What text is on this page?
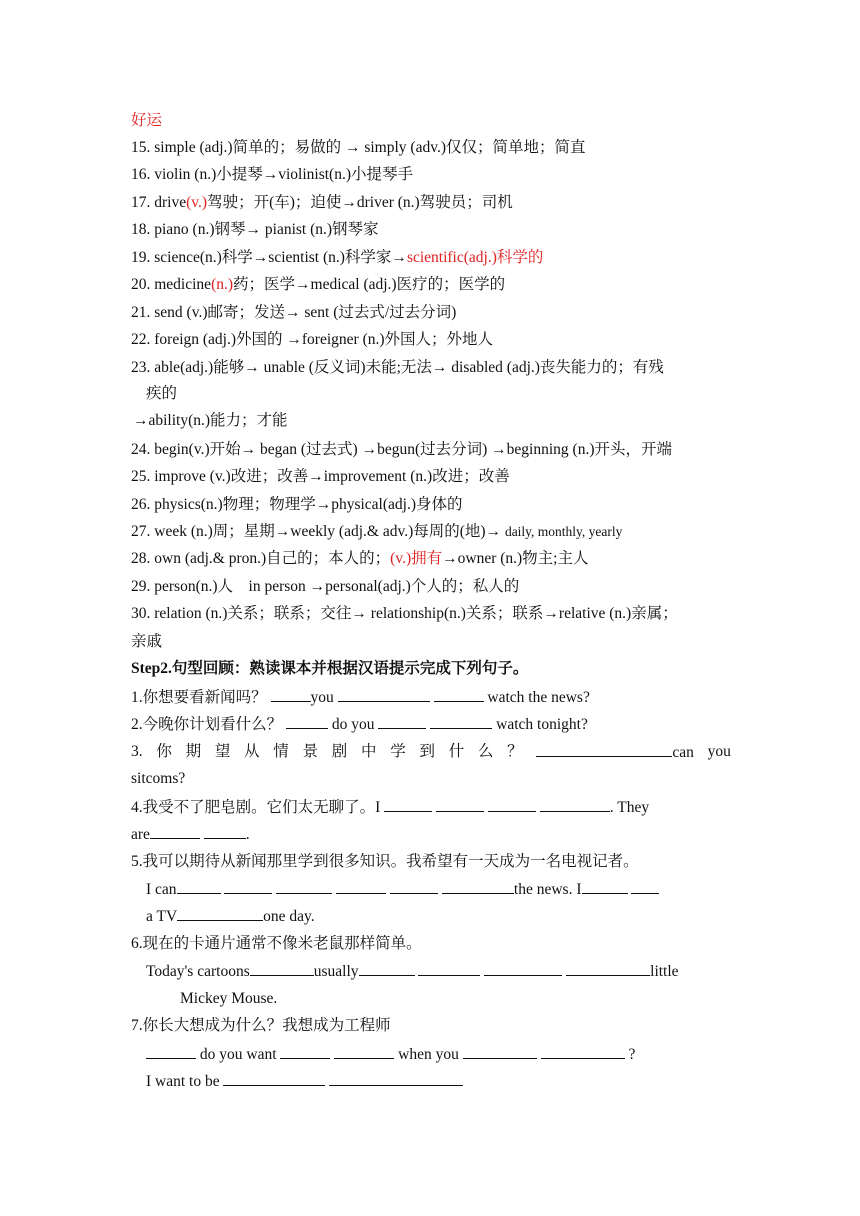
好运
15. simple (adj.)简单的；易做的 → simply (adv.)仅仅；简单地；简直
16. violin (n.)小提琴→violinist(n.)小提琴手
17. drive(v.)驾驶；开(车)；迫使→driver (n.)驾驶员；司机
18. piano (n.)钢琴→ pianist (n.)钢琴家
19. science(n.)科学→scientist (n.)科学家→scientific(adj.)科学的
20. medicine(n.)药；医学→medical (adj.)医疗的；医学的
21. send (v.)邮寄；发送→ sent (过去式/过去分词)
22. foreign (adj.)外国的 →foreigner (n.)外国人；外地人
23. able(adj.)能够→ unable (反义词)未能;无法→ disabled (adj.)丧失能力的；有残
疾的
→ability(n.)能力；才能
24. begin(v.)开始→ began (过去式) →begun(过去分词) →beginning (n.)开头，开端
25. improve (v.)改进；改善→improvement (n.)改进；改善
26. physics(n.)物理；物理学→physical(adj.)身体的
27. week (n.)周；星期→weekly (adj.& adv.)每周的(地)→ daily, monthly, yearly
28. own (adj.& pron.)自己的；本人的；(v.)拥有→owner (n.)物主;主人
29. person(n.)人　in person →personal(adj.)个人的；私人的
30. relation (n.)关系；联系；交往→ relationship(n.)关系；联系→relative (n.)亲属；
亲戚
Step2.句型回顾：熟读课本并根据汉语提示完成下列句子。
1.你想要看新闻吗？	you	watch the news?
2.今晚你计划看什么？	do you	watch tonight?
3. 你 期 望 从 情 景 剧 中 学 到 什 么 ？	can you
sitcoms?
4.我受不了肥皂剧。它们太无聊了。I	. They
are	.
5.我可以期待从新闻那里学到很多知识。我希望有一天成为一名电视记者。
I can	the news. I
a TV	one day.
6.现在的卡通片通常不像米老鼠那样简单。
Today's cartoons	usually	little
Mickey Mouse.
7.你长大想成为什么？我想成为工程师
do you want	when you	?
I want to be
